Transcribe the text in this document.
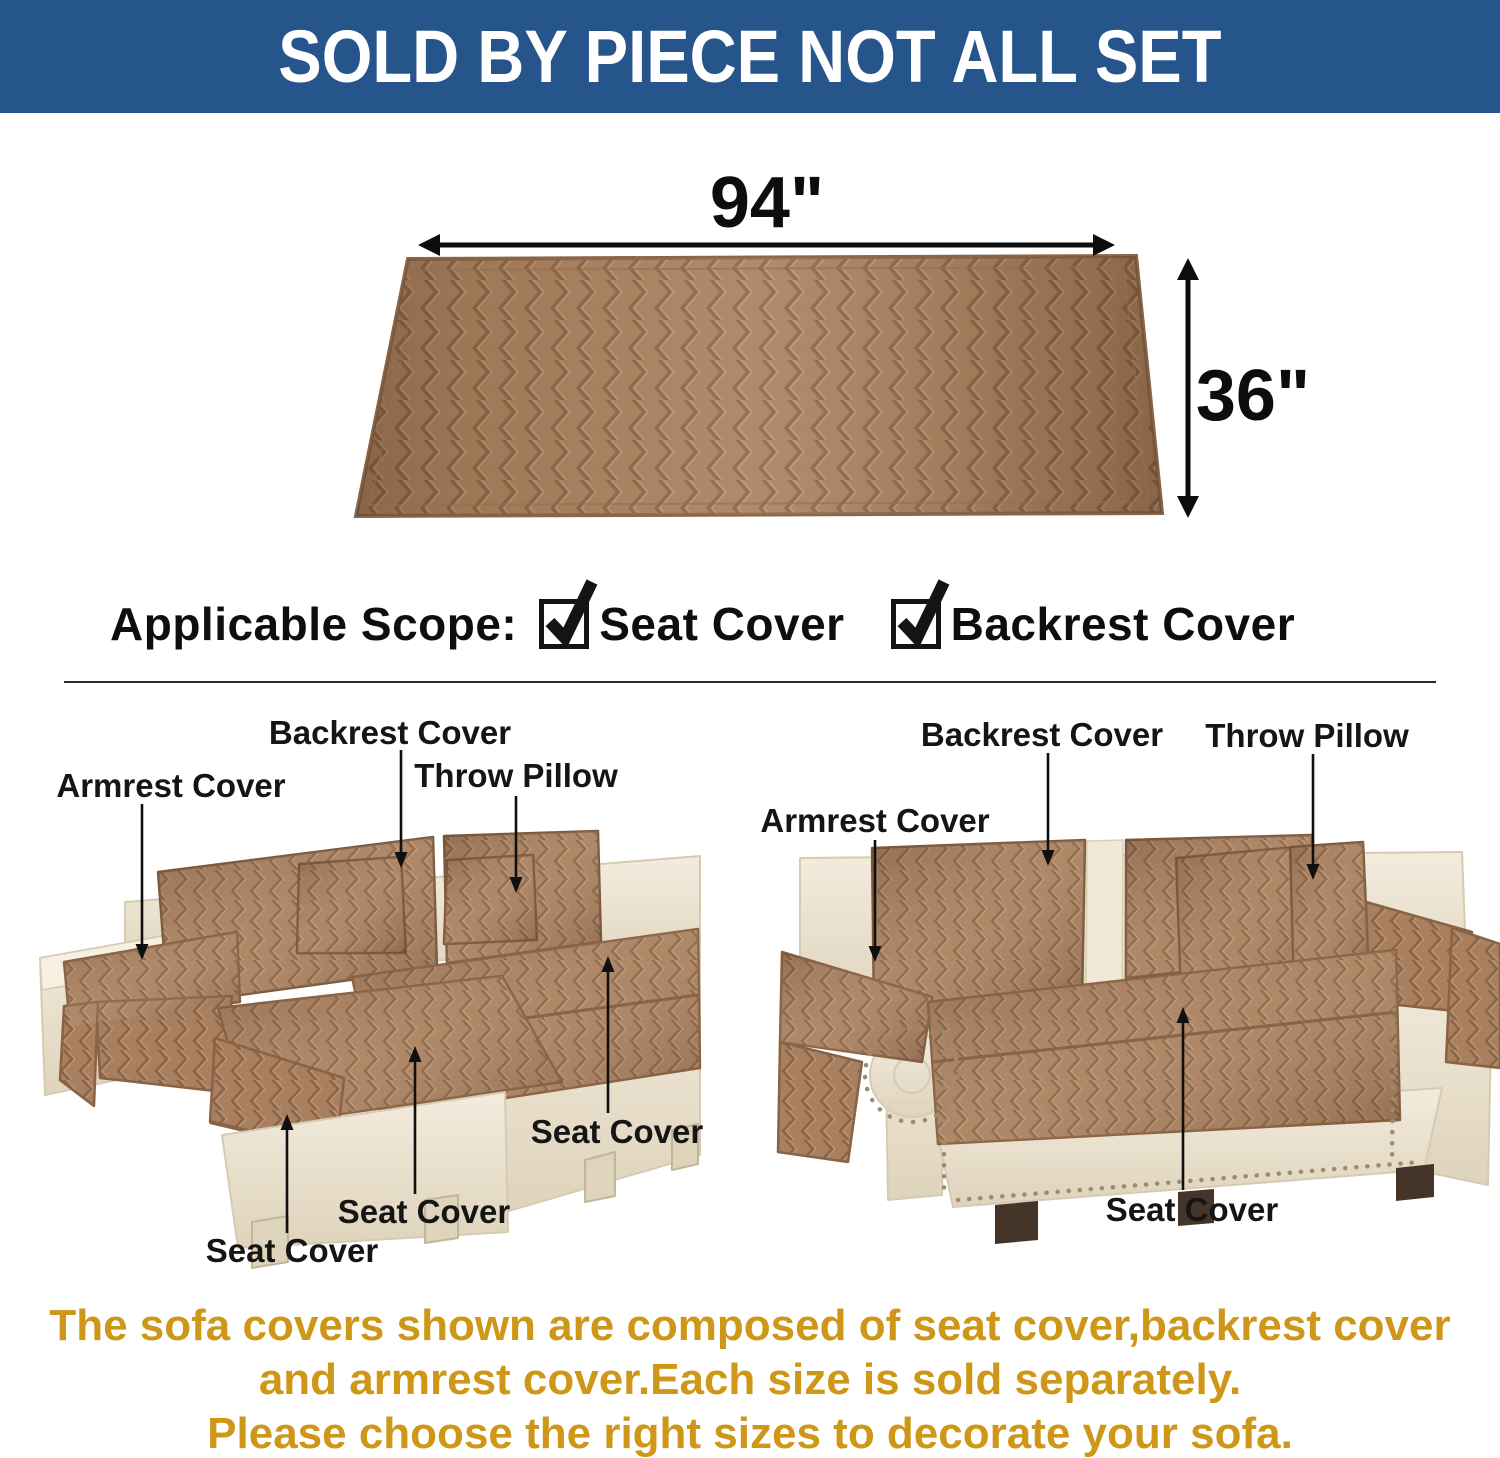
SOLD BY PIECE NOT ALL SET
94"
36"
Applicable Scope: Seat Cover Backrest Cover
Backrest Cover
Throw Pillow
Armrest Cover
Seat Cover
Seat Cover
Seat Cover
Backrest Cover Throw Pillow
Armrest Cover
Seat Cover
The sofa covers shown are composed of seat cover,backrest cover
and armrest cover.Each size is sold separately.
Please choose the right sizes to decorate your sofa.
